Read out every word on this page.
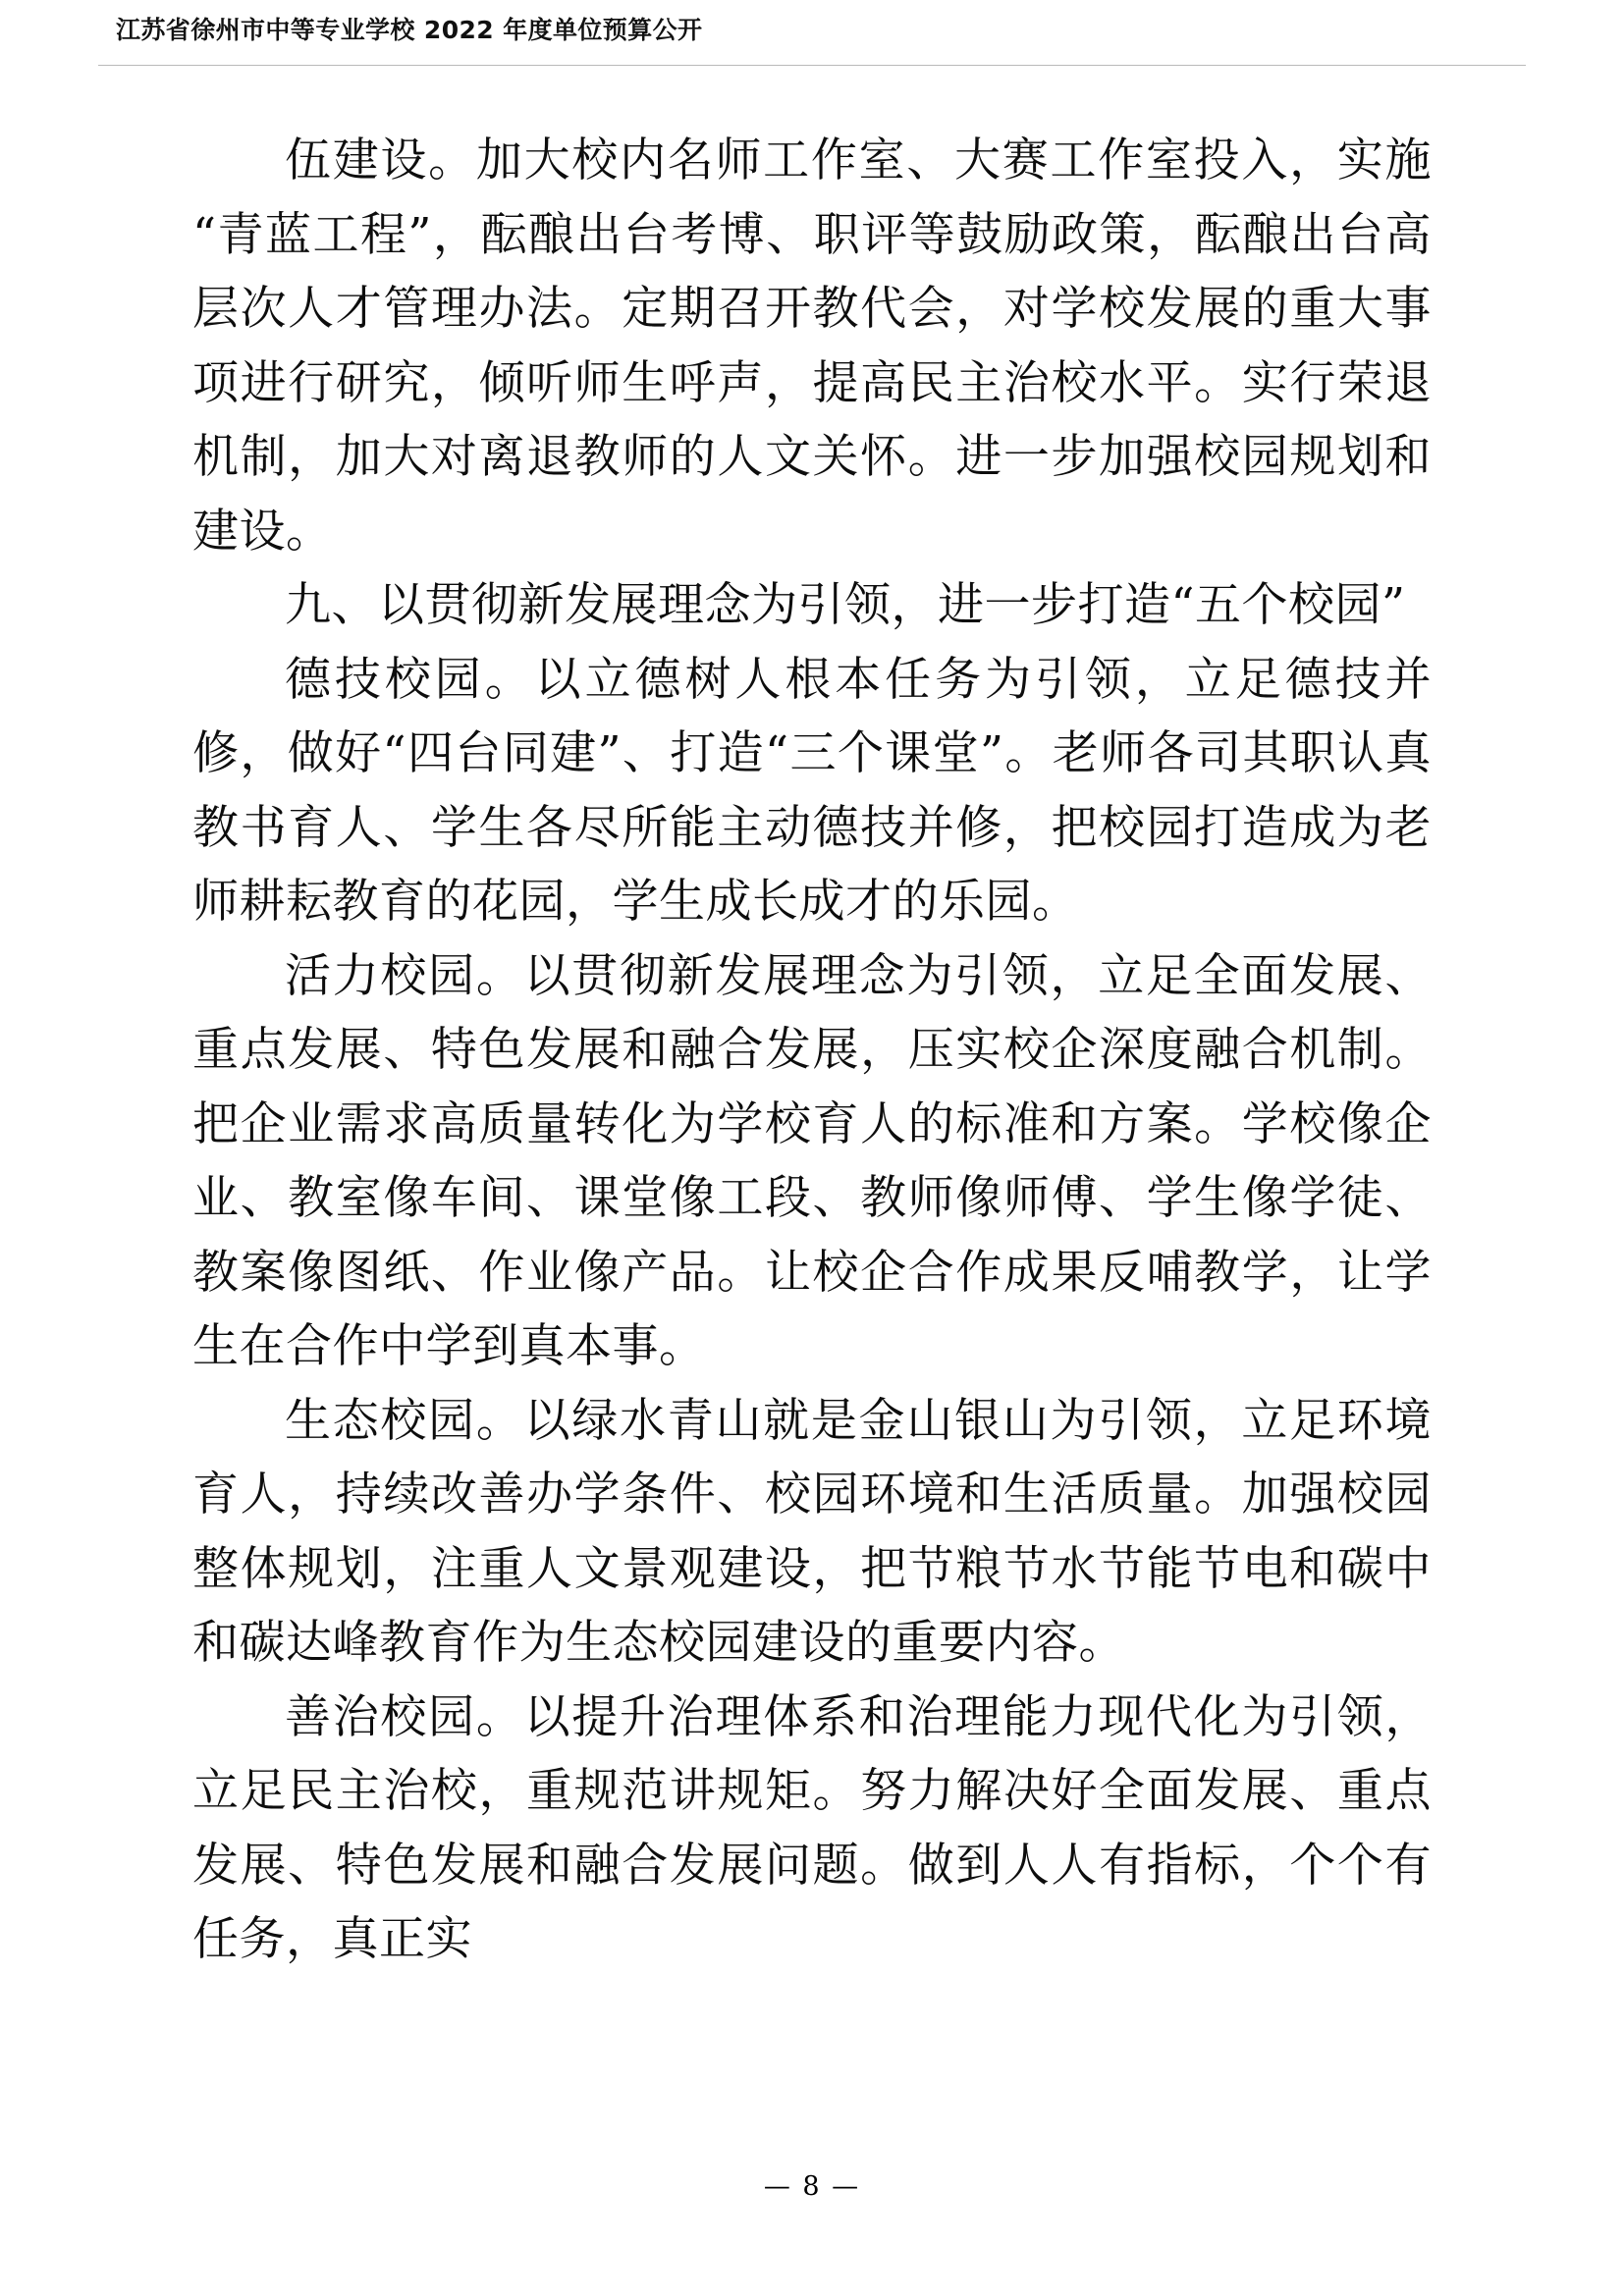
江苏省徐州市中等专业学校 2022 年度单位预算公开

伍建设。加大校内名师工作室、大赛工作室投入，实施“青蓝工程”，酝酿出台考博、职评等鼓励政策，酝酿出台高层次人才管理办法。定期召开教代会，对学校发展的重大事项进行研究，倾听师生呼声，提高民主治校水平。实行荣退机制，加大对离退教师的人文关怀。进一步加强校园规划和建设。

九、以贯彻新发展理念为引领，进一步打造“五个校园”

德技校园。以立德树人根本任务为引领，立足德技并修，做好“四台同建”、打造“三个课堂”。老师各司其职认真教书育人、学生各尽所能主动德技并修，把校园打造成为老师耕耘教育的花园，学生成长成才的乐园。

活力校园。以贯彻新发展理念为引领，立足全面发展、重点发展、特色发展和融合发展，压实校企深度融合机制。把企业需求高质量转化为学校育人的标准和方案。学校像企业、教室像车间、课堂像工段、教师像师傅、学生像学徒、教案像图纸、作业像产品。让校企合作成果反哺教学，让学生在合作中学到真本事。

生态校园。以绿水青山就是金山银山为引领，立足环境育人，持续改善办学条件、校园环境和生活质量。加强校园整体规划，注重人文景观建设，把节粮节水节能节电和碳中和碳达峰教育作为生态校园建设的重要内容。

善治校园。以提升治理体系和治理能力现代化为引领，立足民主治校，重规范讲规矩。努力解决好全面发展、重点发展、特色发展和融合发展问题。做到人人有指标，个个有任务，真正实

— 8 —
